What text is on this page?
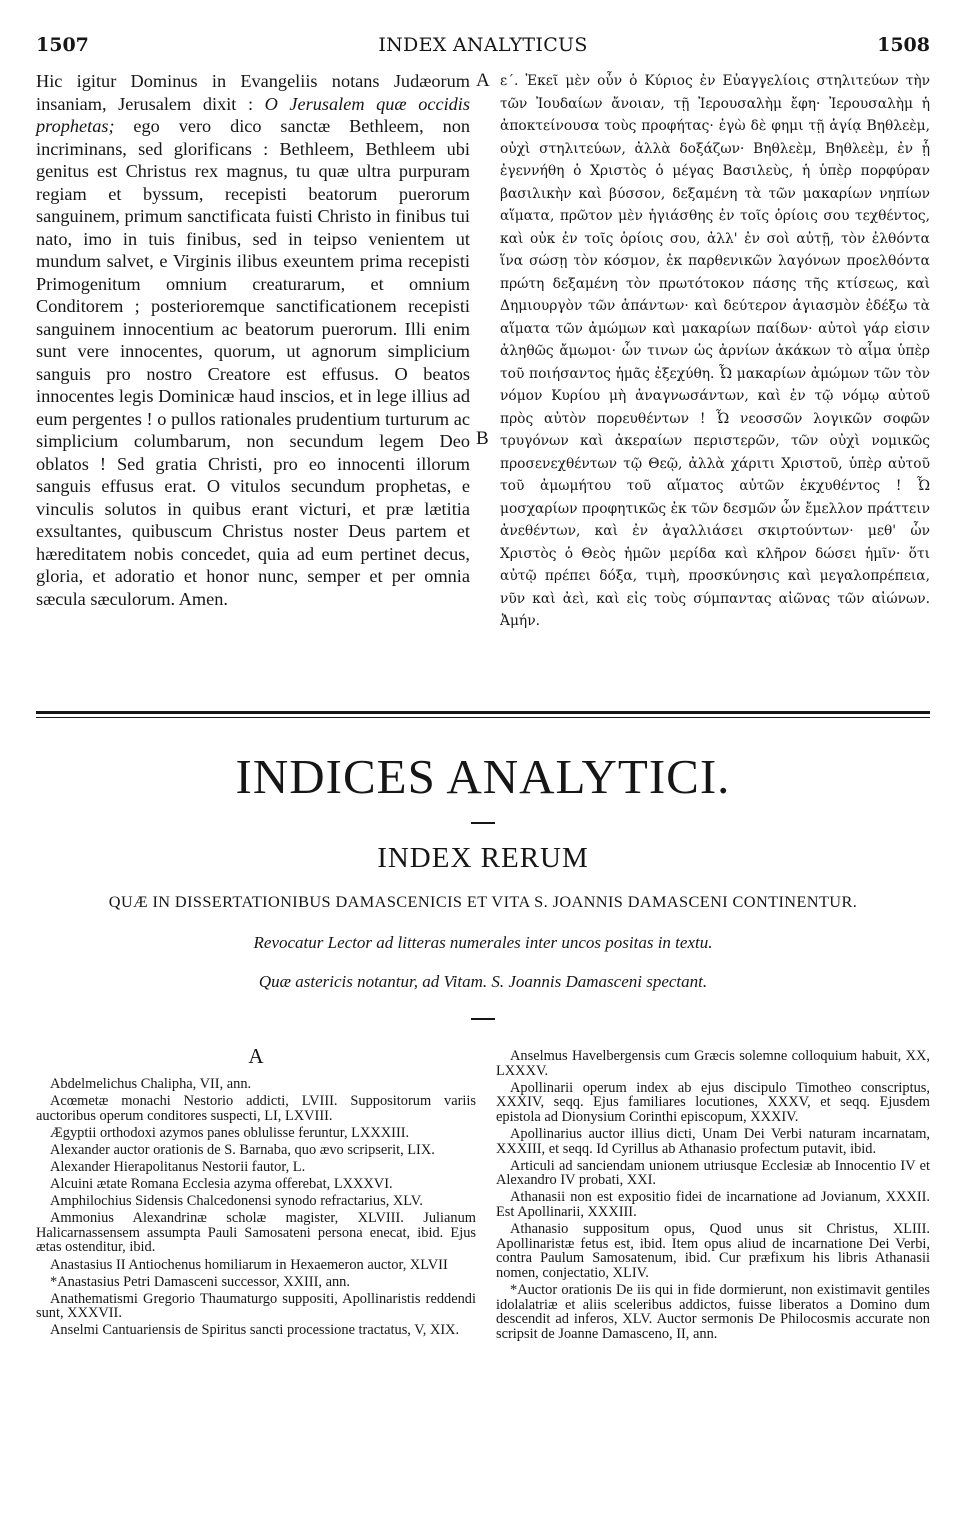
1507	INDEX ANALYTICUS	1508

Hic igitur Dominus in Evangeliis notans Judæorum insaniam, Jerusalem dixit : O Jerusalem quæ occidis prophetas; ego vero dico sanctæ Bethleem, non incriminans, sed glorificans : Bethleem, Bethleem ubi genitus est Christus rex magnus, tu quæ ultra purpuram regiam et byssum, recepisti beatorum puerorum sanguinem, primum sanctificata fuisti Christo in finibus tui nato, imo in tuis finibus, sed in teipso venientem ut mundum salvet, e Virginis ilibus exeuntem prima recepisti Primogenitum omnium creaturarum, et omnium Conditorem ; posterioremque sanctificationem recepisti sanguinem innocentium ac beatorum puerorum. Illi enim sunt vere innocentes, quorum, ut agnorum simplicium sanguis pro nostro Creatore est effusus. O beatos innocentes legis Dominicæ haud inscios, et in lege illius ad eum pergentes ! o pullos rationales prudentium turturum ac simplicium columbarum, non secundum legem Deo oblatos ! Sed gratia Christi, pro eo innocenti illorum sanguis effusus erat. O vitulos secundum prophetas, e vinculis solutos in quibus erant victuri, et præ lætitia exsultantes, quibuscum Christus noster Deus partem et hæreditatem nobis concedet, quia ad eum pertinet decus, gloria, et adoratio et honor nunc, semper et per omnia sæcula sæculorum. Amen.

A
B

ε΄. Ἐκεῖ μὲν οὖν ὁ Κύριος ἐν Εὐαγγελίοις στηλιτεύων τὴν τῶν Ἰουδαίων ἄνοιαν, τῇ Ἰερουσαλὴμ ἔφη· Ἰερουσαλὴμ ἡ ἀποκτείνουσα τοὺς προφήτας· ἐγὼ δὲ φημι τῇ ἁγίᾳ Βηθλεὲμ, οὐχὶ στηλιτεύων, ἀλλὰ δοξάζων· Βηθλεὲμ, Βηθλεὲμ, ἐν ᾗ ἐγεννήθη ὁ Χριστὸς ὁ μέγας Βασιλεὺς, ἡ ὑπὲρ πορφύραν βασιλικὴν καὶ βύσσον, δεξαμένη τὰ τῶν μακαρίων νηπίων αἵματα, πρῶτον μὲν ἡγιάσθης ἐν τοῖς ὁρίοις σου τεχθέντος, καὶ οὐκ ἐν τοῖς ὁρίοις σου, ἀλλ' ἐν σοὶ αὐτῇ, τὸν ἐλθόντα ἵνα σώσῃ τὸν κόσμον, ἐκ παρθενικῶν λαγόνων προελθόντα πρώτη δεξαμένη τὸν πρωτότοκον πάσης τῆς κτίσεως, καὶ Δημιουργὸν τῶν ἁπάντων· καὶ δεύτερον ἁγιασμὸν ἐδέξω τὰ αἵματα τῶν ἀμώμων καὶ μακαρίων παίδων· αὐτοὶ γάρ εἰσιν ἀληθῶς ἄμωμοι· ὧν τινων ὡς ἀρνίων ἀκάκων τὸ αἷμα ὑπὲρ τοῦ ποιήσαντος ἡμᾶς ἐξεχύθη. Ὦ μακαρίων ἀμώμων τῶν τὸν νόμον Κυρίου μὴ ἀναγνωσάντων, καὶ ἐν τῷ νόμῳ αὐτοῦ πρὸς αὐτὸν πορευθέντων ! Ὦ νεοσσῶν λογικῶν σοφῶν τρυγόνων καὶ ἀκεραίων περιστερῶν, τῶν οὐχὶ νομικῶς προσενεχθέντων τῷ Θεῷ, ἀλλὰ χάριτι Χριστοῦ, ὑπὲρ αὐτοῦ τοῦ ἀμωμήτου τοῦ αἵματος αὐτῶν ἐκχυθέντος ! Ὦ μοσχαρίων προφητικῶς ἐκ τῶν δεσμῶν ὧν ἔμελλον πράττειν ἀνεθέντων, καὶ ἐν ἀγαλλιάσει σκιρτούντων· μεθ' ὧν Χριστὸς ὁ Θεὸς ἡμῶν μερίδα καὶ κλῆρον δώσει ἡμῖν· ὅτι αὐτῷ πρέπει δόξα, τιμὴ, προσκύνησις καὶ μεγαλοπρέπεια, νῦν καὶ ἀεὶ, καὶ εἰς τοὺς σύμπαντας αἰῶνας τῶν αἰώνων. Ἀμήν.

INDICES ANALYTICI.
INDEX RERUM

QUÆ IN DISSERTATIONIBUS DAMASCENICIS ET VITA S. JOANNIS DAMASCENI CONTINENTUR.

Revocatur Lector ad litteras numerales inter uncos positas in textu.

Quæ astericis notantur, ad Vitam. S. Joannis Damasceni spectant.

A

Abdelmelichus Chalipha, VII, ann.

Acœmetæ monachi Nestorio addicti, LVIII. Suppositorum variis auctoribus operum conditores suspecti, LI, LXVIII.

Ægyptii orthodoxi azymos panes oblulisse feruntur, LXXXIII.

Alexander auctor orationis de S. Barnaba, quo ævo scripserit, LIX.

Alexander Hierapolitanus Nestorii fautor, L.

Alcuini ætate Romana Ecclesia azyma offerebat, LXXXVI.

Amphilochius Sidensis Chalcedonensi synodo refractarius, XLV.

Ammonius Alexandrinæ scholæ magister, XLVIII. Julianum Halicarnassensem assumpta Pauli Samosateni persona enecat, ibid. Ejus ætas ostenditur, ibid.

Anastasius II Antiochenus homiliarum in Hexaemeron auctor, XLVII

*Anastasius Petri Damasceni successor, XXIII, ann.

Anathematismi Gregorio Thaumaturgo suppositi, Apollinaristis reddendi sunt, XXXVII.

Anselmi Cantuariensis de Spiritus sancti processione tractatus, V, XIX.

Anselmus Havelbergensis cum Græcis solemne colloquium habuit, XX, LXXXV.

Apollinarii operum index ab ejus discipulo Timotheo conscriptus, XXXIV, seqq. Ejus familiares locutiones, XXXV, et seqq. Ejusdem epistola ad Dionysium Corinthi episcopum, XXXIV.

Apollinarius auctor illius dicti, Unam Dei Verbi naturam incarnatam, XXXIII, et seqq. Id Cyrillus ab Athanasio profectum putavit, ibid.

Articuli ad sanciendam unionem utriusque Ecclesiæ ab Innocentio IV et Alexandro IV probati, XXI.

Athanasii non est expositio fidei de incarnatione ad Jovianum, XXXII. Est Apollinarii, XXXIII.

Athanasio suppositum opus, Quod unus sit Christus, XLIII. Apollinaristæ fetus est, ibid. Item opus aliud de incarnatione Dei Verbi, contra Paulum Samosatenum, ibid. Cur præfixum his libris Athanasii nomen, conjectatio, XLIV.

*Auctor orationis De iis qui in fide dormierunt, non existimavit gentiles idolalatriæ et aliis sceleribus addictos, fuisse liberatos a Domino dum descendit ad inferos, XLV. Auctor sermonis De Philocosmis accurate non scripsit de Joanne Damasceno, II, ann.
